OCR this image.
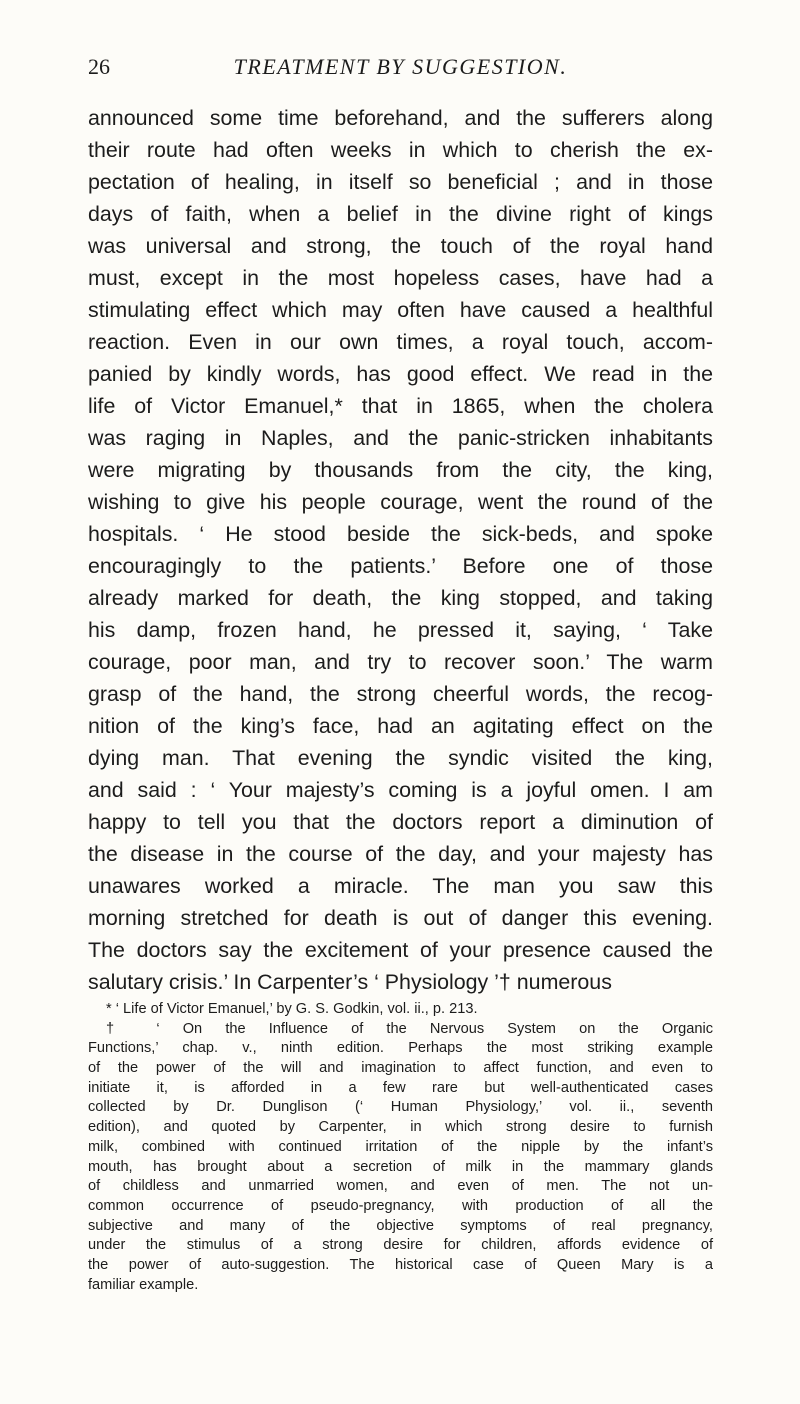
26	TREATMENT BY SUGGESTION.
announced some time beforehand, and the sufferers along
their route had often weeks in which to cherish the ex-
pectation of healing, in itself so beneficial ; and in those
days of faith, when a belief in the divine right of kings
was universal and strong, the touch of the royal hand
must, except in the most hopeless cases, have had a
stimulating effect which may often have caused a healthful
reaction. Even in our own times, a royal touch, accom-
panied by kindly words, has good effect. We read in the
life of Victor Emanuel,* that in 1865, when the cholera
was raging in Naples, and the panic-stricken inhabitants
were migrating by thousands from the city, the king,
wishing to give his people courage, went the round of the
hospitals. ‘ He stood beside the sick-beds, and spoke
encouragingly to the patients.’ Before one of those
already marked for death, the king stopped, and taking
his damp, frozen hand, he pressed it, saying, ‘ Take
courage, poor man, and try to recover soon.’ The warm
grasp of the hand, the strong cheerful words, the recog-
nition of the king’s face, had an agitating effect on the
dying man. That evening the syndic visited the king,
and said : ‘ Your majesty’s coming is a joyful omen. I am
happy to tell you that the doctors report a diminution of
the disease in the course of the day, and your majesty has
unawares worked a miracle. The man you saw this
morning stretched for death is out of danger this evening.
The doctors say the excitement of your presence caused the
salutary crisis.’ In Carpenter’s ‘ Physiology ’† numerous
* ‘ Life of Victor Emanuel,’ by G. S. Godkin, vol. ii., p. 213.
† ‘ On the Influence of the Nervous System on the Organic
Functions,’ chap. v., ninth edition. Perhaps the most striking example
of the power of the will and imagination to affect function, and even to
initiate it, is afforded in a few rare but well-authenticated cases
collected by Dr. Dunglison (‘ Human Physiology,’ vol. ii., seventh
edition), and quoted by Carpenter, in which strong desire to furnish
milk, combined with continued irritation of the nipple by the infant’s
mouth, has brought about a secretion of milk in the mammary glands
of childless and unmarried women, and even of men. The not un-
common occurrence of pseudo-pregnancy, with production of all the
subjective and many of the objective symptoms of real pregnancy,
under the stimulus of a strong desire for children, affords evidence of
the power of auto-suggestion. The historical case of Queen Mary is a
familiar example.
